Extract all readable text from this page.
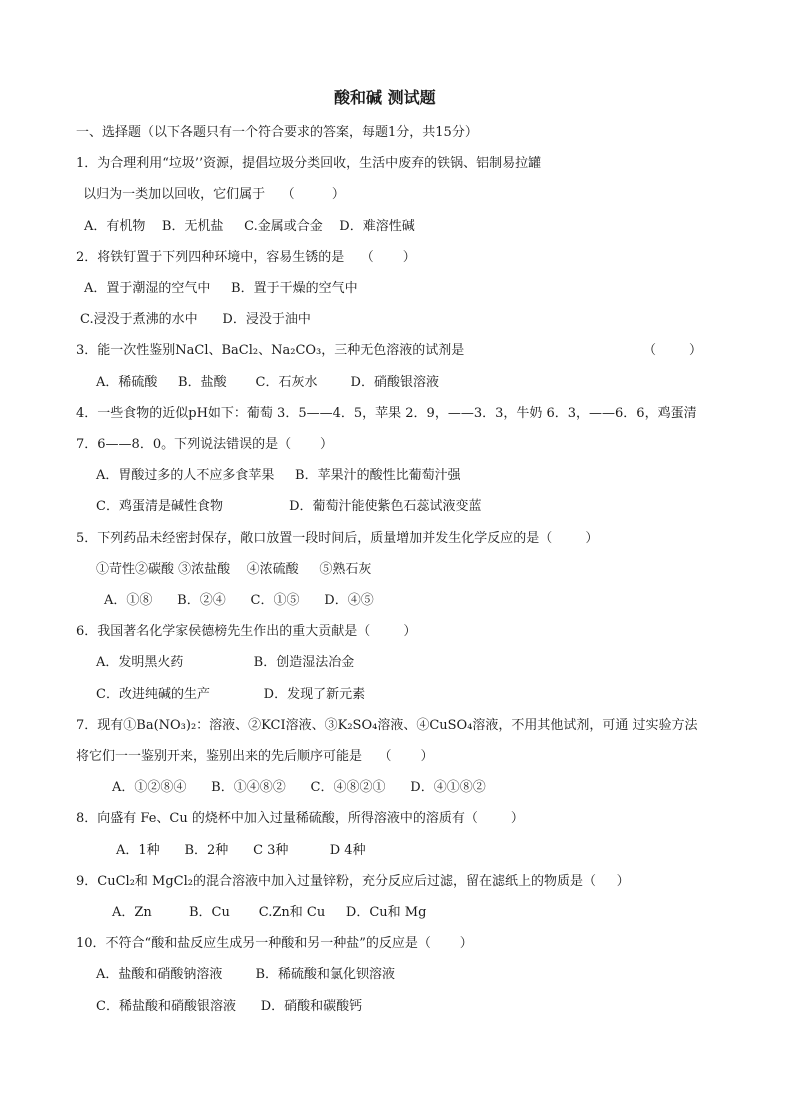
酸和碱 测试题
一、选择题（以下各题只有一个符合要求的答案，每题1分，共15分）
1．为合理利用“垃圾’’资源，提倡垃圾分类回收，生活中废弃的铁锅、铝制易拉罐
以归为一类加以回收，它们属于    （         ）
A．有机物    B．无机盐     C.金属或合金    D．难溶性碱
2．将铁钉置于下列四种环境中，容易生锈的是    （       ）
A．置于潮湿的空气中     B．置于干燥的空气中
C.浸没于煮沸的水中      D．浸没于油中
3．能一次性鉴别NaCl、BaCl₂、Na₂CO₃，三种无色溶液的试剂是	（        ）
A．稀硫酸     B．盐酸       C．石灰水        D．硝酸银溶液
4．一些食物的近似pH如下：葡萄 3．5——4．5，苹果 2．9，——3．3，牛奶 6．3，——6．6，鸡蛋清
7．6——8．0。下列说法错误的是（       ）
A．胃酸过多的人不应多食苹果     B．苹果汁的酸性比葡萄汁强
C．鸡蛋清是碱性食物                D．葡萄汁能使紫色石蕊试液变蓝
5．下列药品未经密封保存，敞口放置一段时间后，质量增加并发生化学反应的是（        ）
①苛性②碳酸 ③浓盐酸    ④浓硫酸     ⑤熟石灰
A．①⑧      B．②④      C．①⑤      D．④⑤
6．我国著名化学家侯德榜先生作出的重大贡献是（        ）
A．发明黑火药                 B．创造湿法冶金
C．改进纯碱的生产             D．发现了新元素
7．现有①Ba(NO₃)₂：溶液、②KCI溶液、③K₂SO₄溶液、④CuSO₄溶液，不用其他试剂，可通 过实验方法
将它们一一鉴别开来，鉴别出来的先后顺序可能是    （       ）
A．①②⑧④      B．①④⑧②      C．④⑧②①      D．④①⑧②
8．向盛有 Fe、Cu 的烧杯中加入过量稀硫酸，所得溶液中的溶质有（        ）
A．1种      B．2种      C 3种          D 4种
9．CuCl₂和 MgCl₂的混合溶液中加入过量锌粉，充分反应后过滤，留在滤纸上的物质是（     ）
A．Zn         B．Cu       C.Zn和 Cu     D．Cu和 Mg
10．不符合“酸和盐反应生成另一种酸和另一种盐”的反应是（       ）
A．盐酸和硝酸钠溶液        B．稀硫酸和氯化钡溶液
C．稀盐酸和硝酸银溶液      D．硝酸和碳酸钙
